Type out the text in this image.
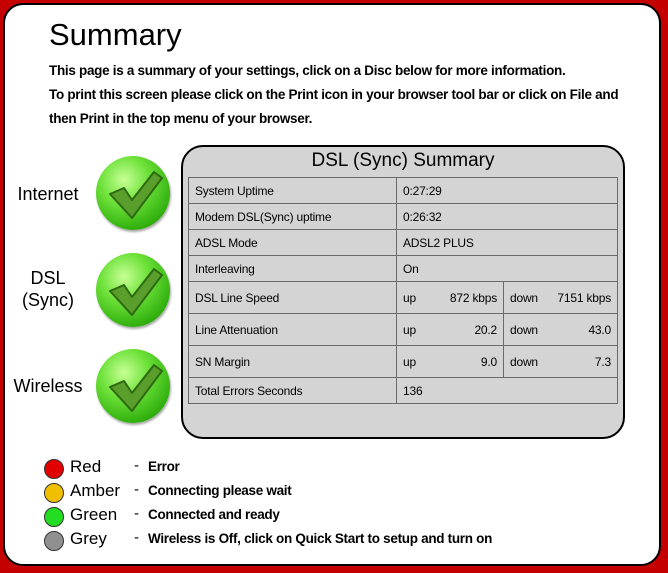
Summary
This page is a summary of your settings, click on a Disc below for more information.
To print this screen please click on the Print icon in your browser tool bar or click on File and
then Print in the top menu of your browser.
Internet
DSL
(Sync)
Wireless
DSL (Sync) Summary
System Uptime	0:27:29			
Modem DSL(Sync) uptime	0:26:32			
ADSL Mode	ADSL2 PLUS			
Interleaving	On			
DSL Line Speed	up	872 kbps	down	7151 kbps
Line Attenuation	up	20.2	down	43.0
SN Margin	up	9.0	down	7.3
Total Errors Seconds	136			
Red - Error
Amber - Connecting please wait
Green - Connected and ready
Grey - Wireless is Off, click on Quick Start to setup and turn on
